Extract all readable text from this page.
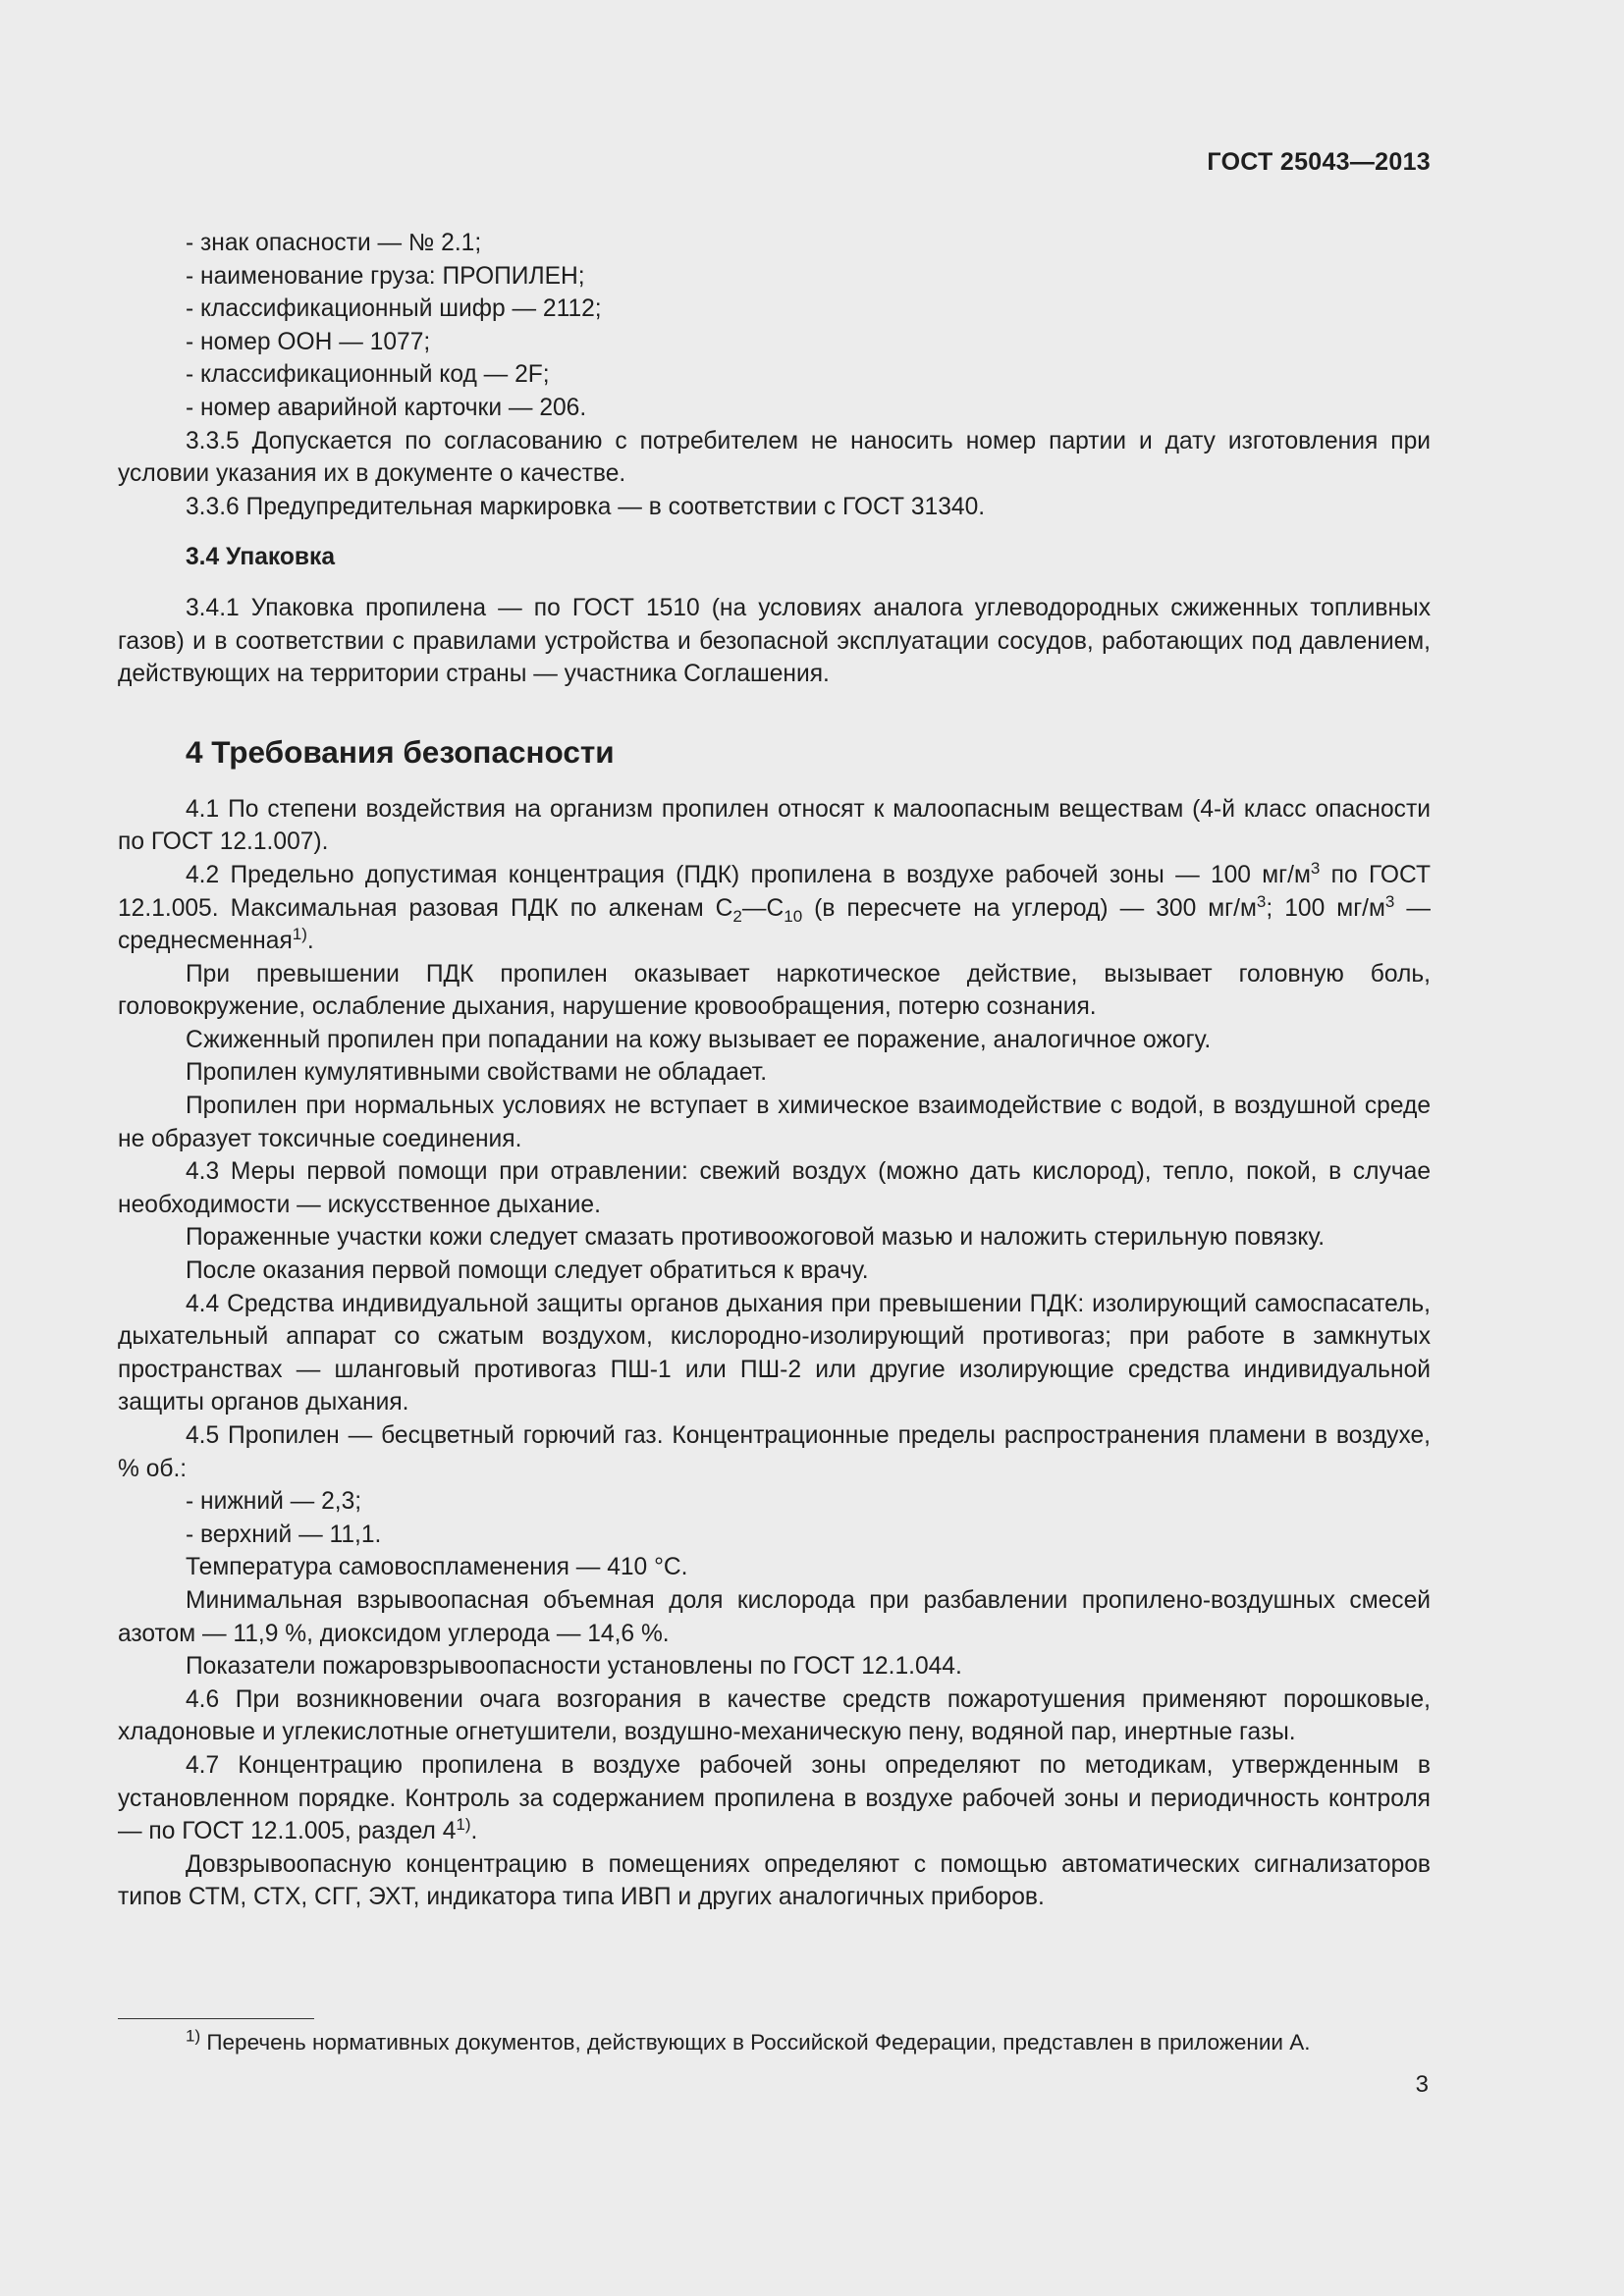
ГОСТ 25043—2013

- знак опасности — № 2.1;

- наименование груза: ПРОПИЛЕН;

- классификационный шифр — 2112;

- номер ООН — 1077;

- классификационный код — 2F;

- номер аварийной карточки — 206.

3.3.5 Допускается по согласованию с потребителем не наносить номер партии и дату изготовления при условии указания их в документе о качестве.

3.3.6 Предупредительная маркировка — в соответствии с ГОСТ 31340.

3.4 Упаковка

3.4.1 Упаковка пропилена — по ГОСТ 1510 (на условиях аналога углеводородных сжиженных топливных газов) и в соответствии с правилами устройства и безопасной эксплуатации сосудов, работающих под давлением, действующих на территории страны — участника Соглашения.

4 Требования безопасности

4.1 По степени воздействия на организм пропилен относят к малоопасным веществам (4-й класс опасности по ГОСТ 12.1.007).

4.2 Предельно допустимая концентрация (ПДК) пропилена в воздухе рабочей зоны — 100 $мг/м^3$ по ГОСТ 12.1.005. Максимальная разовая ПДК по алкенам $С_2—С_{10}$ (в пересчете на углерод) — 300 $мг/м^3$; 100 $мг/м^3$ — среднесменная$^{1)}$.

При превышении ПДК пропилен оказывает наркотическое действие, вызывает головную боль, головокружение, ослабление дыхания, нарушение кровообращения, потерю сознания.

Сжиженный пропилен при попадании на кожу вызывает ее поражение, аналогичное ожогу.

Пропилен кумулятивными свойствами не обладает.

Пропилен при нормальных условиях не вступает в химическое взаимодействие с водой, в воздушной среде не образует токсичные соединения.

4.3 Меры первой помощи при отравлении: свежий воздух (можно дать кислород), тепло, покой, в случае необходимости — искусственное дыхание.

Пораженные участки кожи следует смазать противоожоговой мазью и наложить стерильную повязку.

После оказания первой помощи следует обратиться к врачу.

4.4 Средства индивидуальной защиты органов дыхания при превышении ПДК: изолирующий самоспасатель, дыхательный аппарат со сжатым воздухом, кислородно-изолирующий противогаз; при работе в замкнутых пространствах — шланговый противогаз ПШ-1 или ПШ-2 или другие изолирующие средства индивидуальной защиты органов дыхания.

4.5 Пропилен — бесцветный горючий газ. Концентрационные пределы распространения пламени в воздухе, % об.:

- нижний — 2,3;

- верхний — 11,1.

Температура самовоспламенения — 410 °С.

Минимальная взрывоопасная объемная доля кислорода при разбавлении пропилено-воздушных смесей азотом — 11,9 %, диоксидом углерода — 14,6 %.

Показатели пожаровзрывоопасности установлены по ГОСТ 12.1.044.

4.6 При возникновении очага возгорания в качестве средств пожаротушения применяют порошковые, хладоновые и углекислотные огнетушители, воздушно-механическую пену, водяной пар, инертные газы.

4.7 Концентрацию пропилена в воздухе рабочей зоны определяют по методикам, утвержденным в установленном порядке. Контроль за содержанием пропилена в воздухе рабочей зоны и периодичность контроля — по ГОСТ 12.1.005, раздел 4$^{1)}$.

Довзрывоопасную концентрацию в помещениях определяют с помощью автоматических сигнализаторов типов СТМ, СТХ, СГГ, ЭХТ, индикатора типа ИВП и других аналогичных приборов.

$^{1)}$ Перечень нормативных документов, действующих в Российской Федерации, представлен в приложении А.
3
